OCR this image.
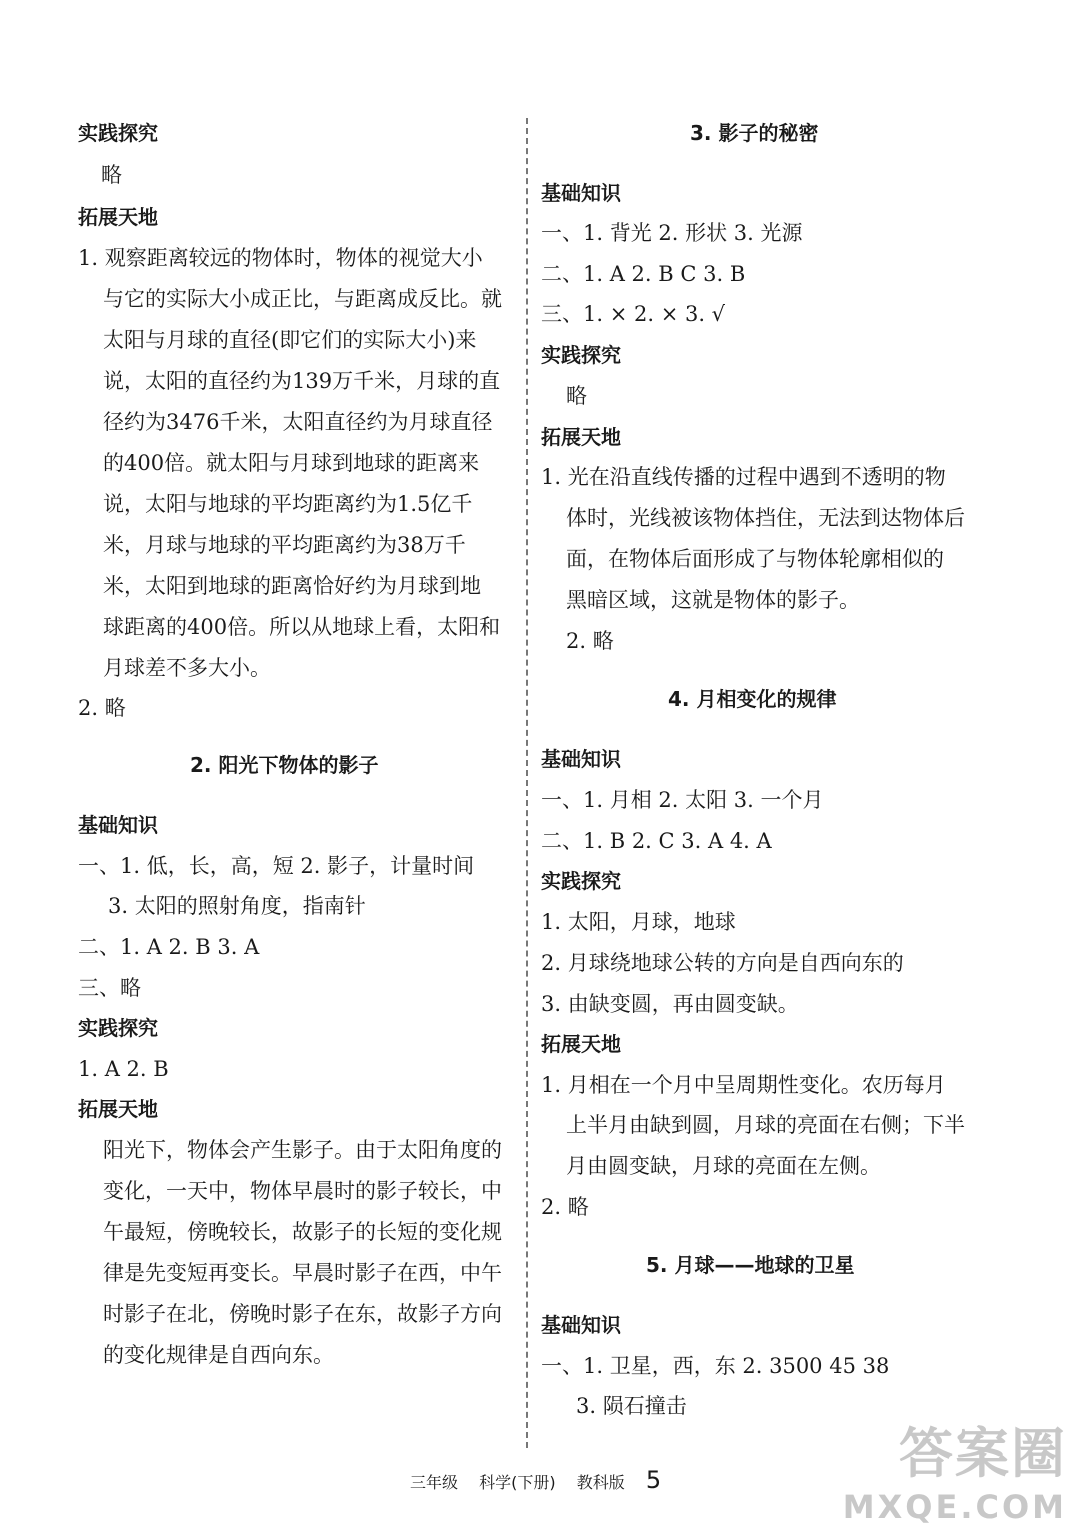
实践探究
略
拓展天地
1. 观察距离较远的物体时，物体的视觉大小
与它的实际大小成正比，与距离成反比。就
太阳与月球的直径(即它们的实际大小)来
说，太阳的直径约为139万千米，月球的直
径约为3476千米，太阳直径约为月球直径
的400倍。就太阳与月球到地球的距离来
说，太阳与地球的平均距离约为1.5亿千
米，月球与地球的平均距离约为38万千
米，太阳到地球的距离恰好约为月球到地
球距离的400倍。所以从地球上看，太阳和
月球差不多大小。
2. 略
2. 阳光下物体的影子
基础知识
一、1. 低，长，高，短 2. 影子，计量时间
3. 太阳的照射角度，指南针
二、1. A 2. B 3. A
三、略
实践探究
1. A 2. B
拓展天地
阳光下，物体会产生影子。由于太阳角度的
变化，一天中，物体早晨时的影子较长，中
午最短，傍晚较长，故影子的长短的变化规
律是先变短再变长。早晨时影子在西，中午
时影子在北，傍晚时影子在东，故影子方向
的变化规律是自西向东。
3. 影子的秘密
基础知识
一、1. 背光 2. 形状 3. 光源
二、1. A 2. B C 3. B
三、1. × 2. × 3. √
实践探究
略
拓展天地
1. 光在沿直线传播的过程中遇到不透明的物
体时，光线被该物体挡住，无法到达物体后
面，在物体后面形成了与物体轮廓相似的
黑暗区域，这就是物体的影子。
2. 略
4. 月相变化的规律
基础知识
一、1. 月相 2. 太阳 3. 一个月
二、1. B 2. C 3. A 4. A
实践探究
1. 太阳，月球，地球
2. 月球绕地球公转的方向是自西向东的
3. 由缺变圆，再由圆变缺。
拓展天地
1. 月相在一个月中呈周期性变化。农历每月
上半月由缺到圆，月球的亮面在右侧；下半
月由圆变缺，月球的亮面在左侧。
2. 略
5. 月球——地球的卫星
基础知识
一、1. 卫星，西，东 2. 3500 45 38
3. 陨石撞击
三年级 科学(下册) 教科版 5	答案圈
MXQE.COM
